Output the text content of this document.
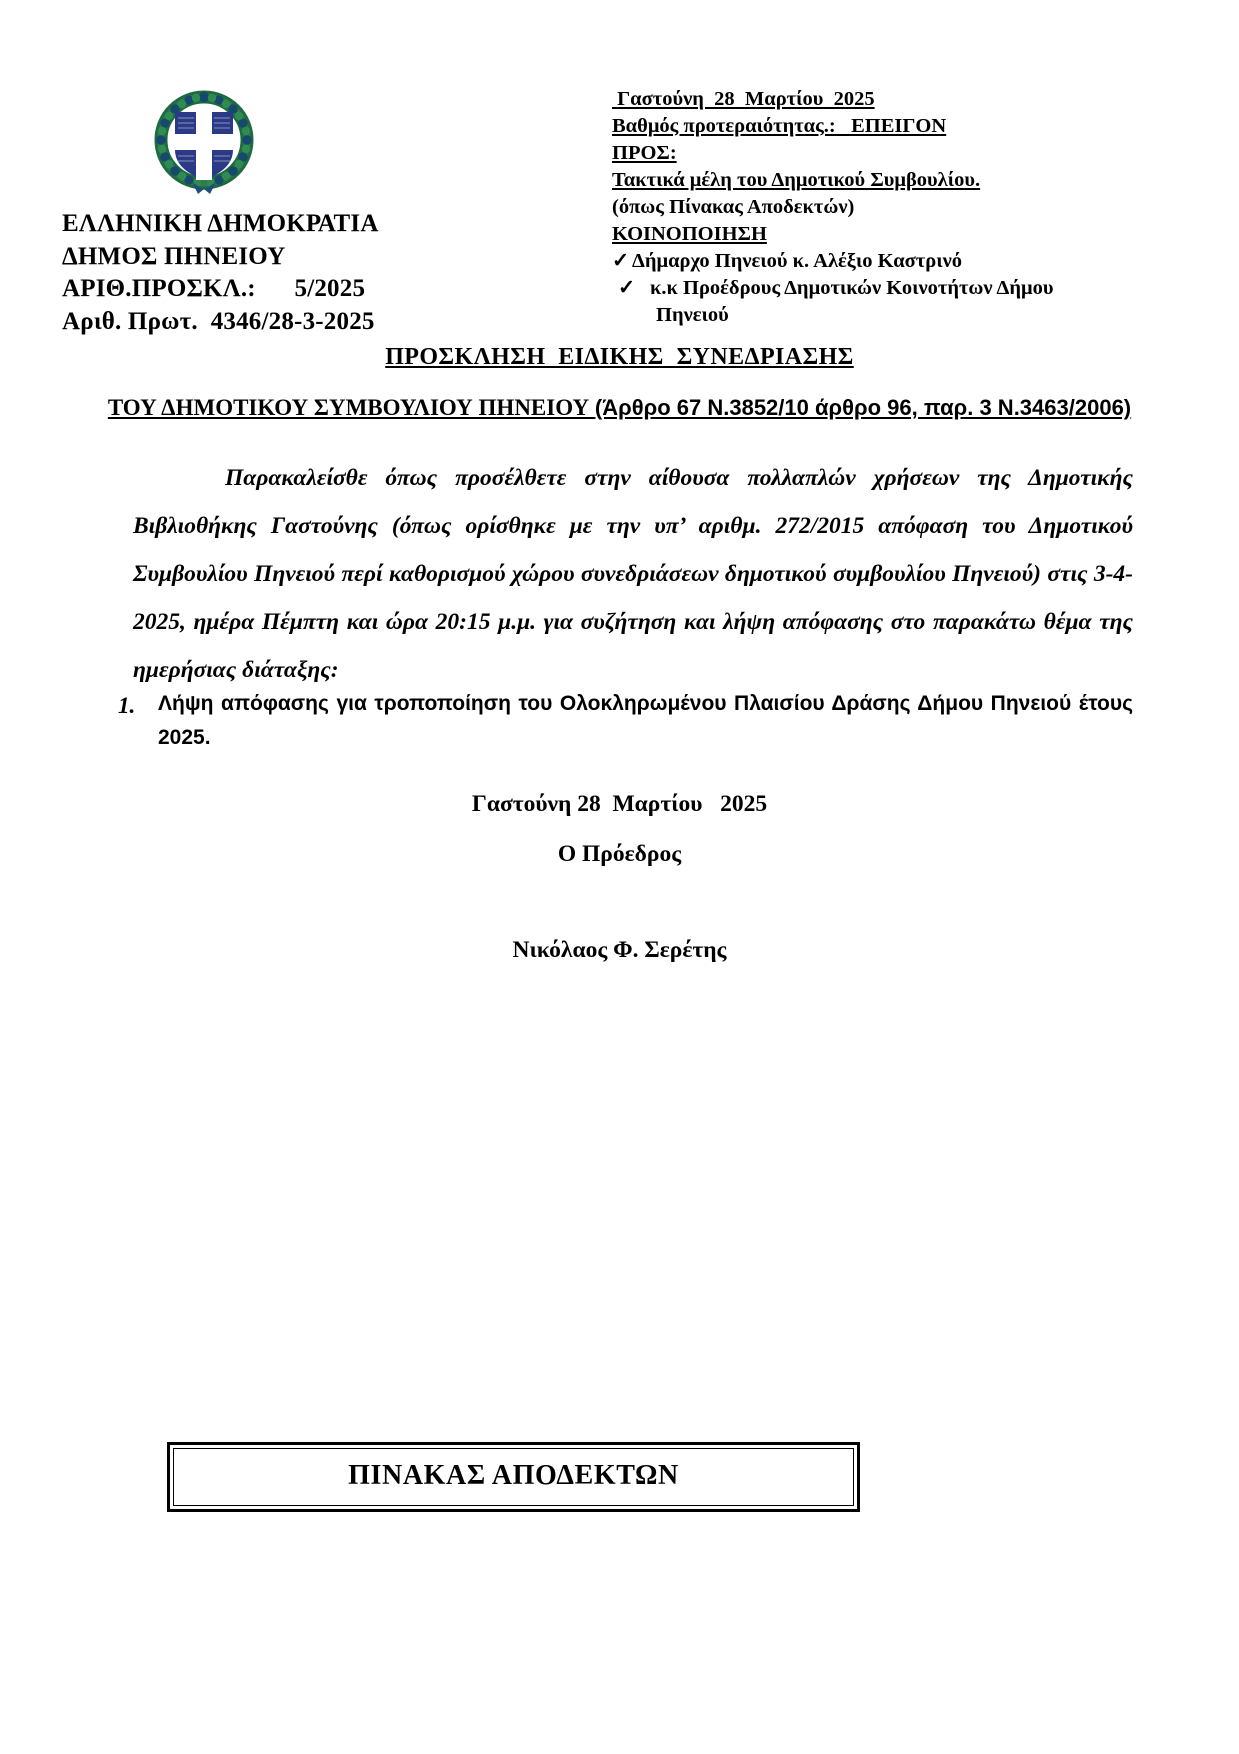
ΕΛΛΗΝΙΚΗ ΔΗΜΟΚΡΑΤΙΑ
ΔΗΜΟΣ ΠΗΝΕΙΟΥ
ΑΡΙΘ.ΠΡΟΣΚΛ.:      5/2025
Αριθ. Πρωτ.  4346/28-3-2025
Γαστούνη  28  Μαρτίου  2025
Βαθμός προτεραιότητας.:   ΕΠΕΙΓΟΝ
ΠΡΟΣ:
Τακτικά μέλη του Δημοτικού Συμβουλίου.
(όπως Πίνακας Αποδεκτών)
ΚΟΙΝΟΠΟΙΗΣΗ
✓ Δήμαρχο Πηνειού κ. Αλέξιο Καστρινό
✓ κ.κ Προέδρους Δημοτικών Κοινοτήτων Δήμου
Πηνειού
ΠΡΟΣΚΛΗΣΗ  ΕΙΔΙΚΗΣ  ΣΥΝΕΔΡΙΑΣΗΣ
ΤΟΥ ΔΗΜΟΤΙΚΟΥ ΣΥΜΒΟΥΛΙΟΥ ΠΗΝΕΙΟΥ (Άρθρο 67 Ν.3852/10 άρθρο 96, παρ. 3 Ν.3463/2006)
Παρακαλείσθε όπως προσέλθετε στην αίθουσα πολλαπλών χρήσεων της Δημοτικής Βιβλιοθήκης Γαστούνης (όπως ορίσθηκε με την υπ’ αριθμ. 272/2015 απόφαση του Δημοτικού Συμβουλίου Πηνειού περί καθορισμού χώρου συνεδριάσεων δημοτικού συμβουλίου Πηνειού) στις 3-4-2025, ημέρα Πέμπτη και ώρα 20:15 μ.μ. για συζήτηση και λήψη απόφασης στο παρακάτω θέμα της ημερήσιας διάταξης:
1.	Λήψη απόφασης για τροποποίηση του Ολοκληρωμένου Πλαισίου Δράσης Δήμου Πηνειού έτους 2025.
Γαστούνη 28  Μαρτίου   2025
Ο Πρόεδρος
Νικόλαος Φ. Σερέτης
ΠΙΝΑΚΑΣ ΑΠΟΔΕΚΤΩΝ
